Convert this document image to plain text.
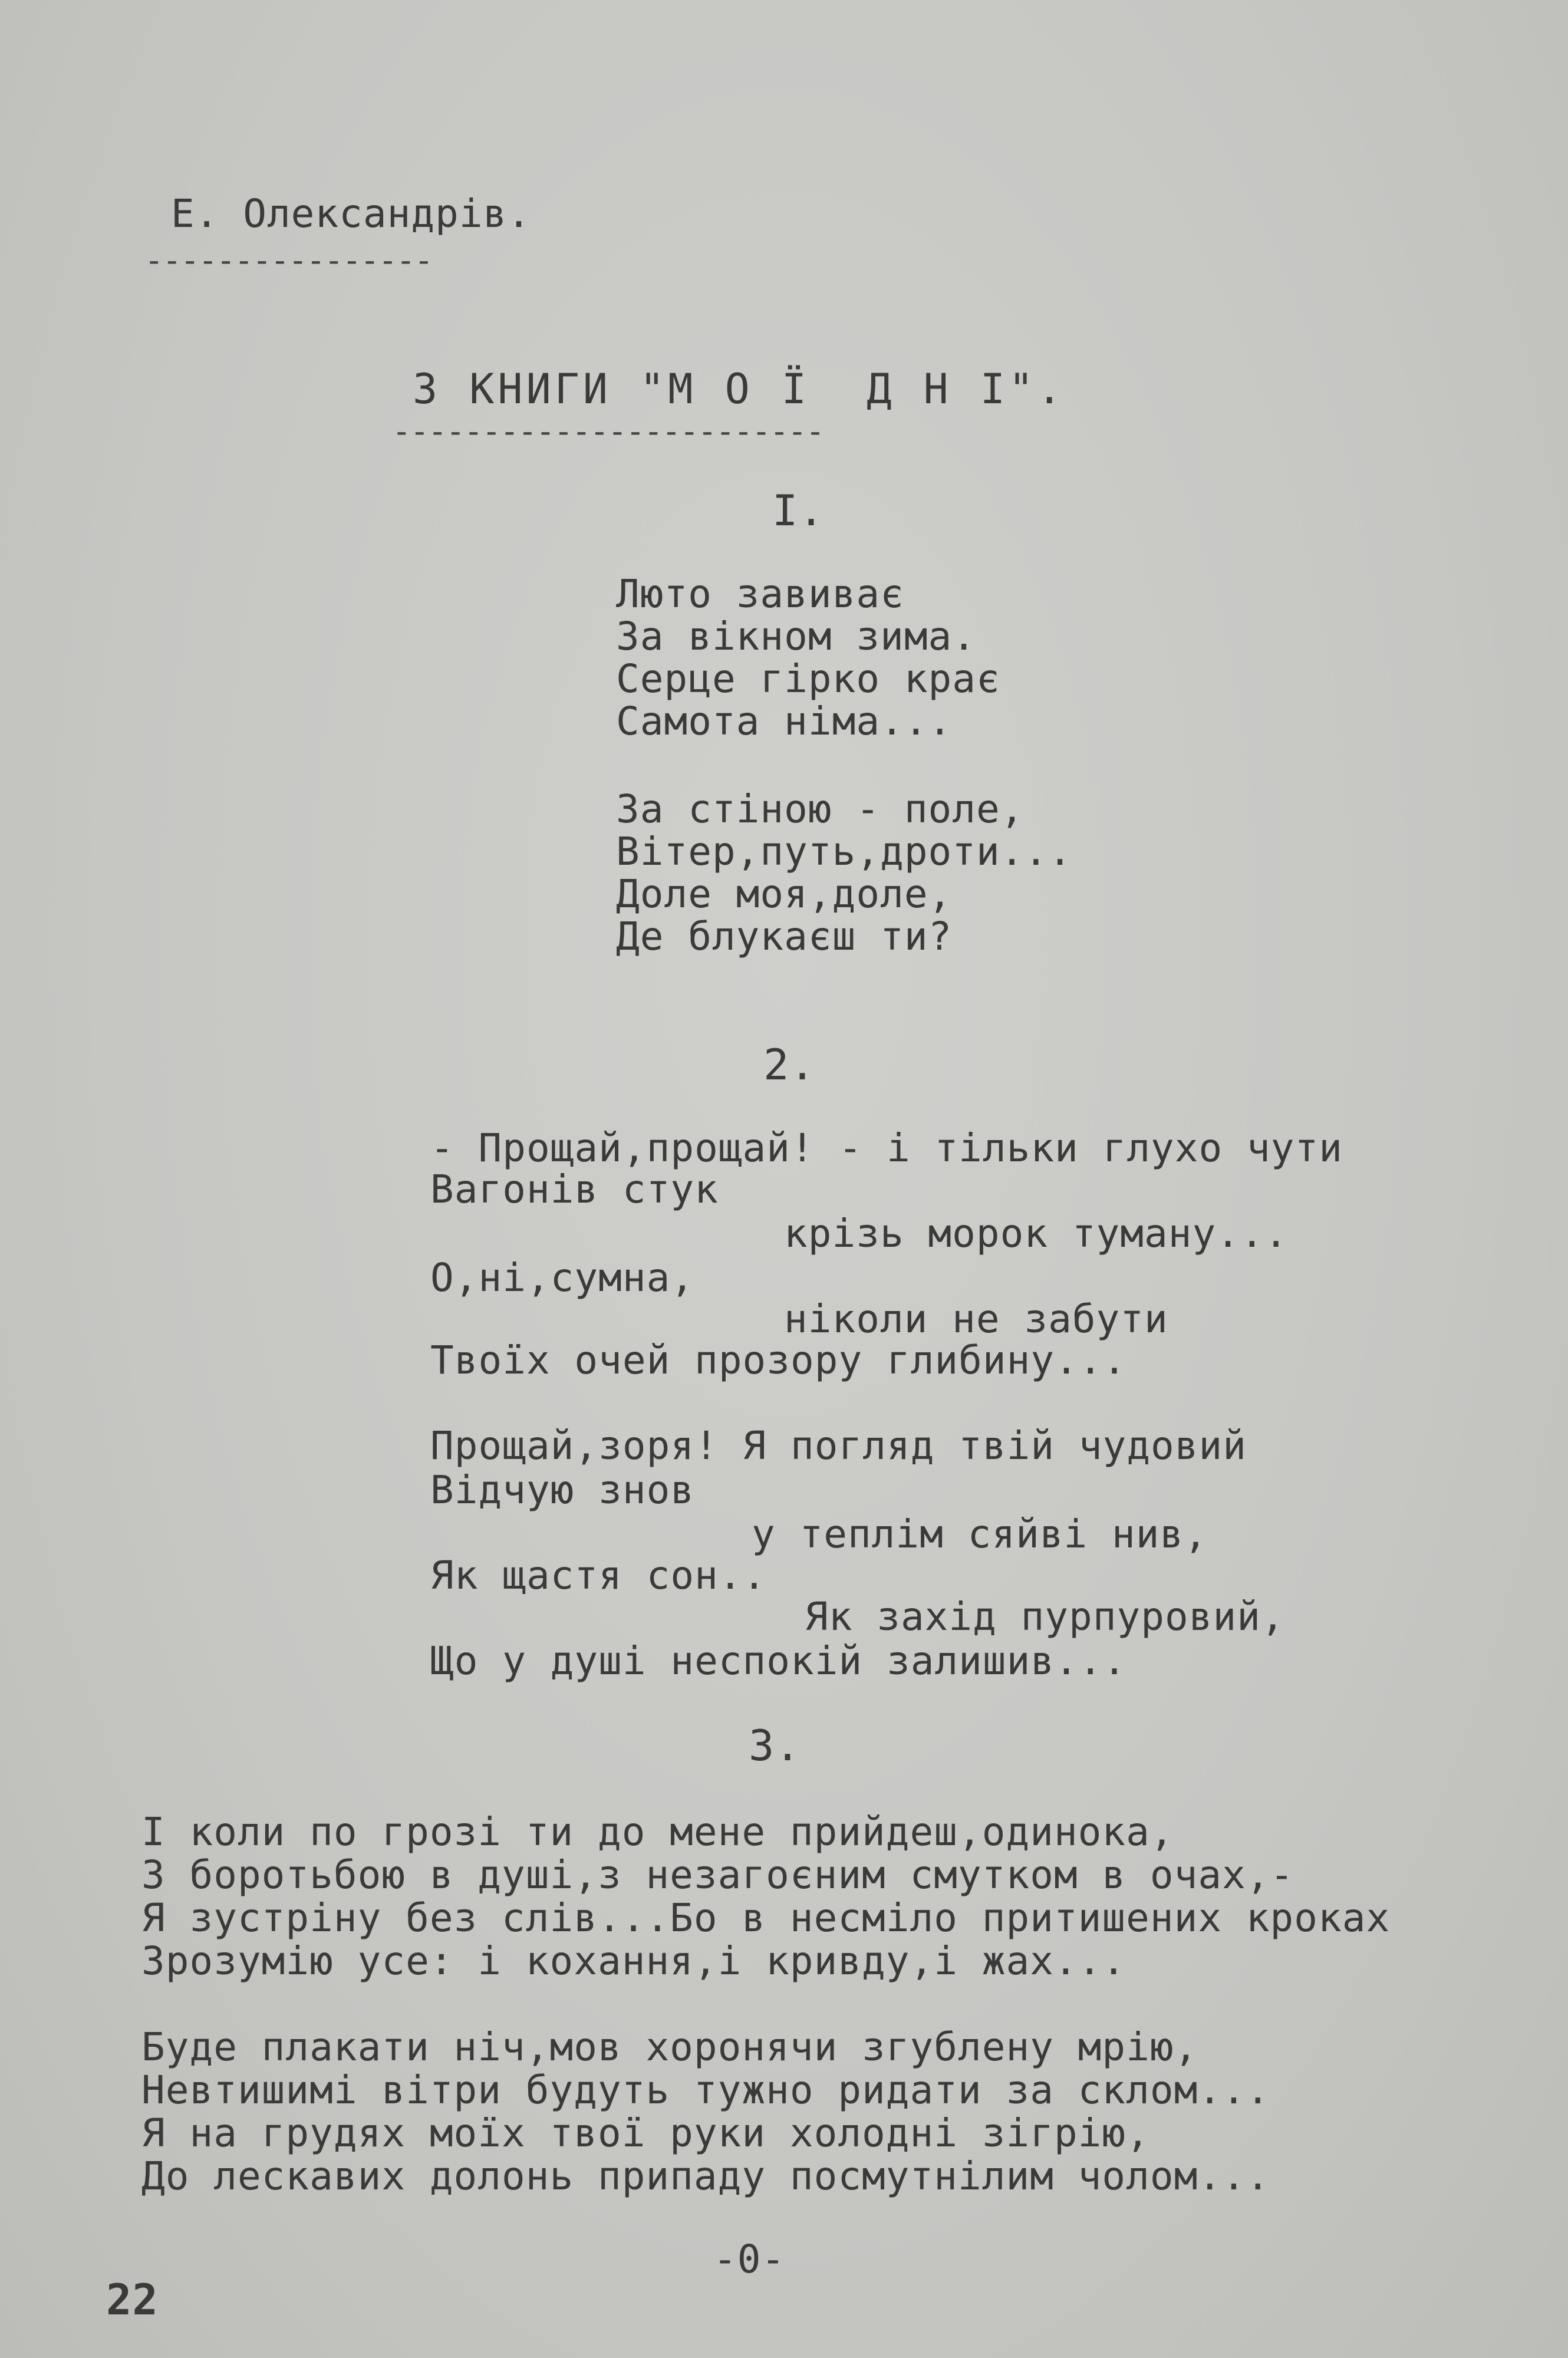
Е. Олександрів.
----------------
З КНИГИ "М О Ї  Д Н І".
------------------------
І.
Люто завиває
За вікном зима.
Серце гірко крає
Самота німа...
За стіною - поле,
Вітер,путь,дроти...
Доле моя,доле,
Де блукаєш ти?
2.
- Прощай,прощай! - і тільки глухо чути
Вагонів стук
крізь морок туману...
О,ні,сумна,
ніколи не забути
Твоїх очей прозору глибину...
Прощай,зоря! Я погляд твій чудовий
Відчую знов
у теплім сяйві нив,
Як щастя сон..
Як захід пурпуровий,
Що у душі неспокій залишив...
З.
І коли по грозі ти до мене прийдеш,одинока,
З боротьбою в душі,з незагоєним смутком в очах,-
Я зустріну без слів...Бо в несміло притишених кроках
Зрозумію усе: і кохання,і кривду,і жах...
Буде плакати ніч,мов хоронячи згублену мрію,
Невтишимі вітри будуть тужно ридати за склом...
Я на грудях моїх твої руки холодні зігрію,
До лескавих долонь припаду посмутнілим чолом...
-0-
22
